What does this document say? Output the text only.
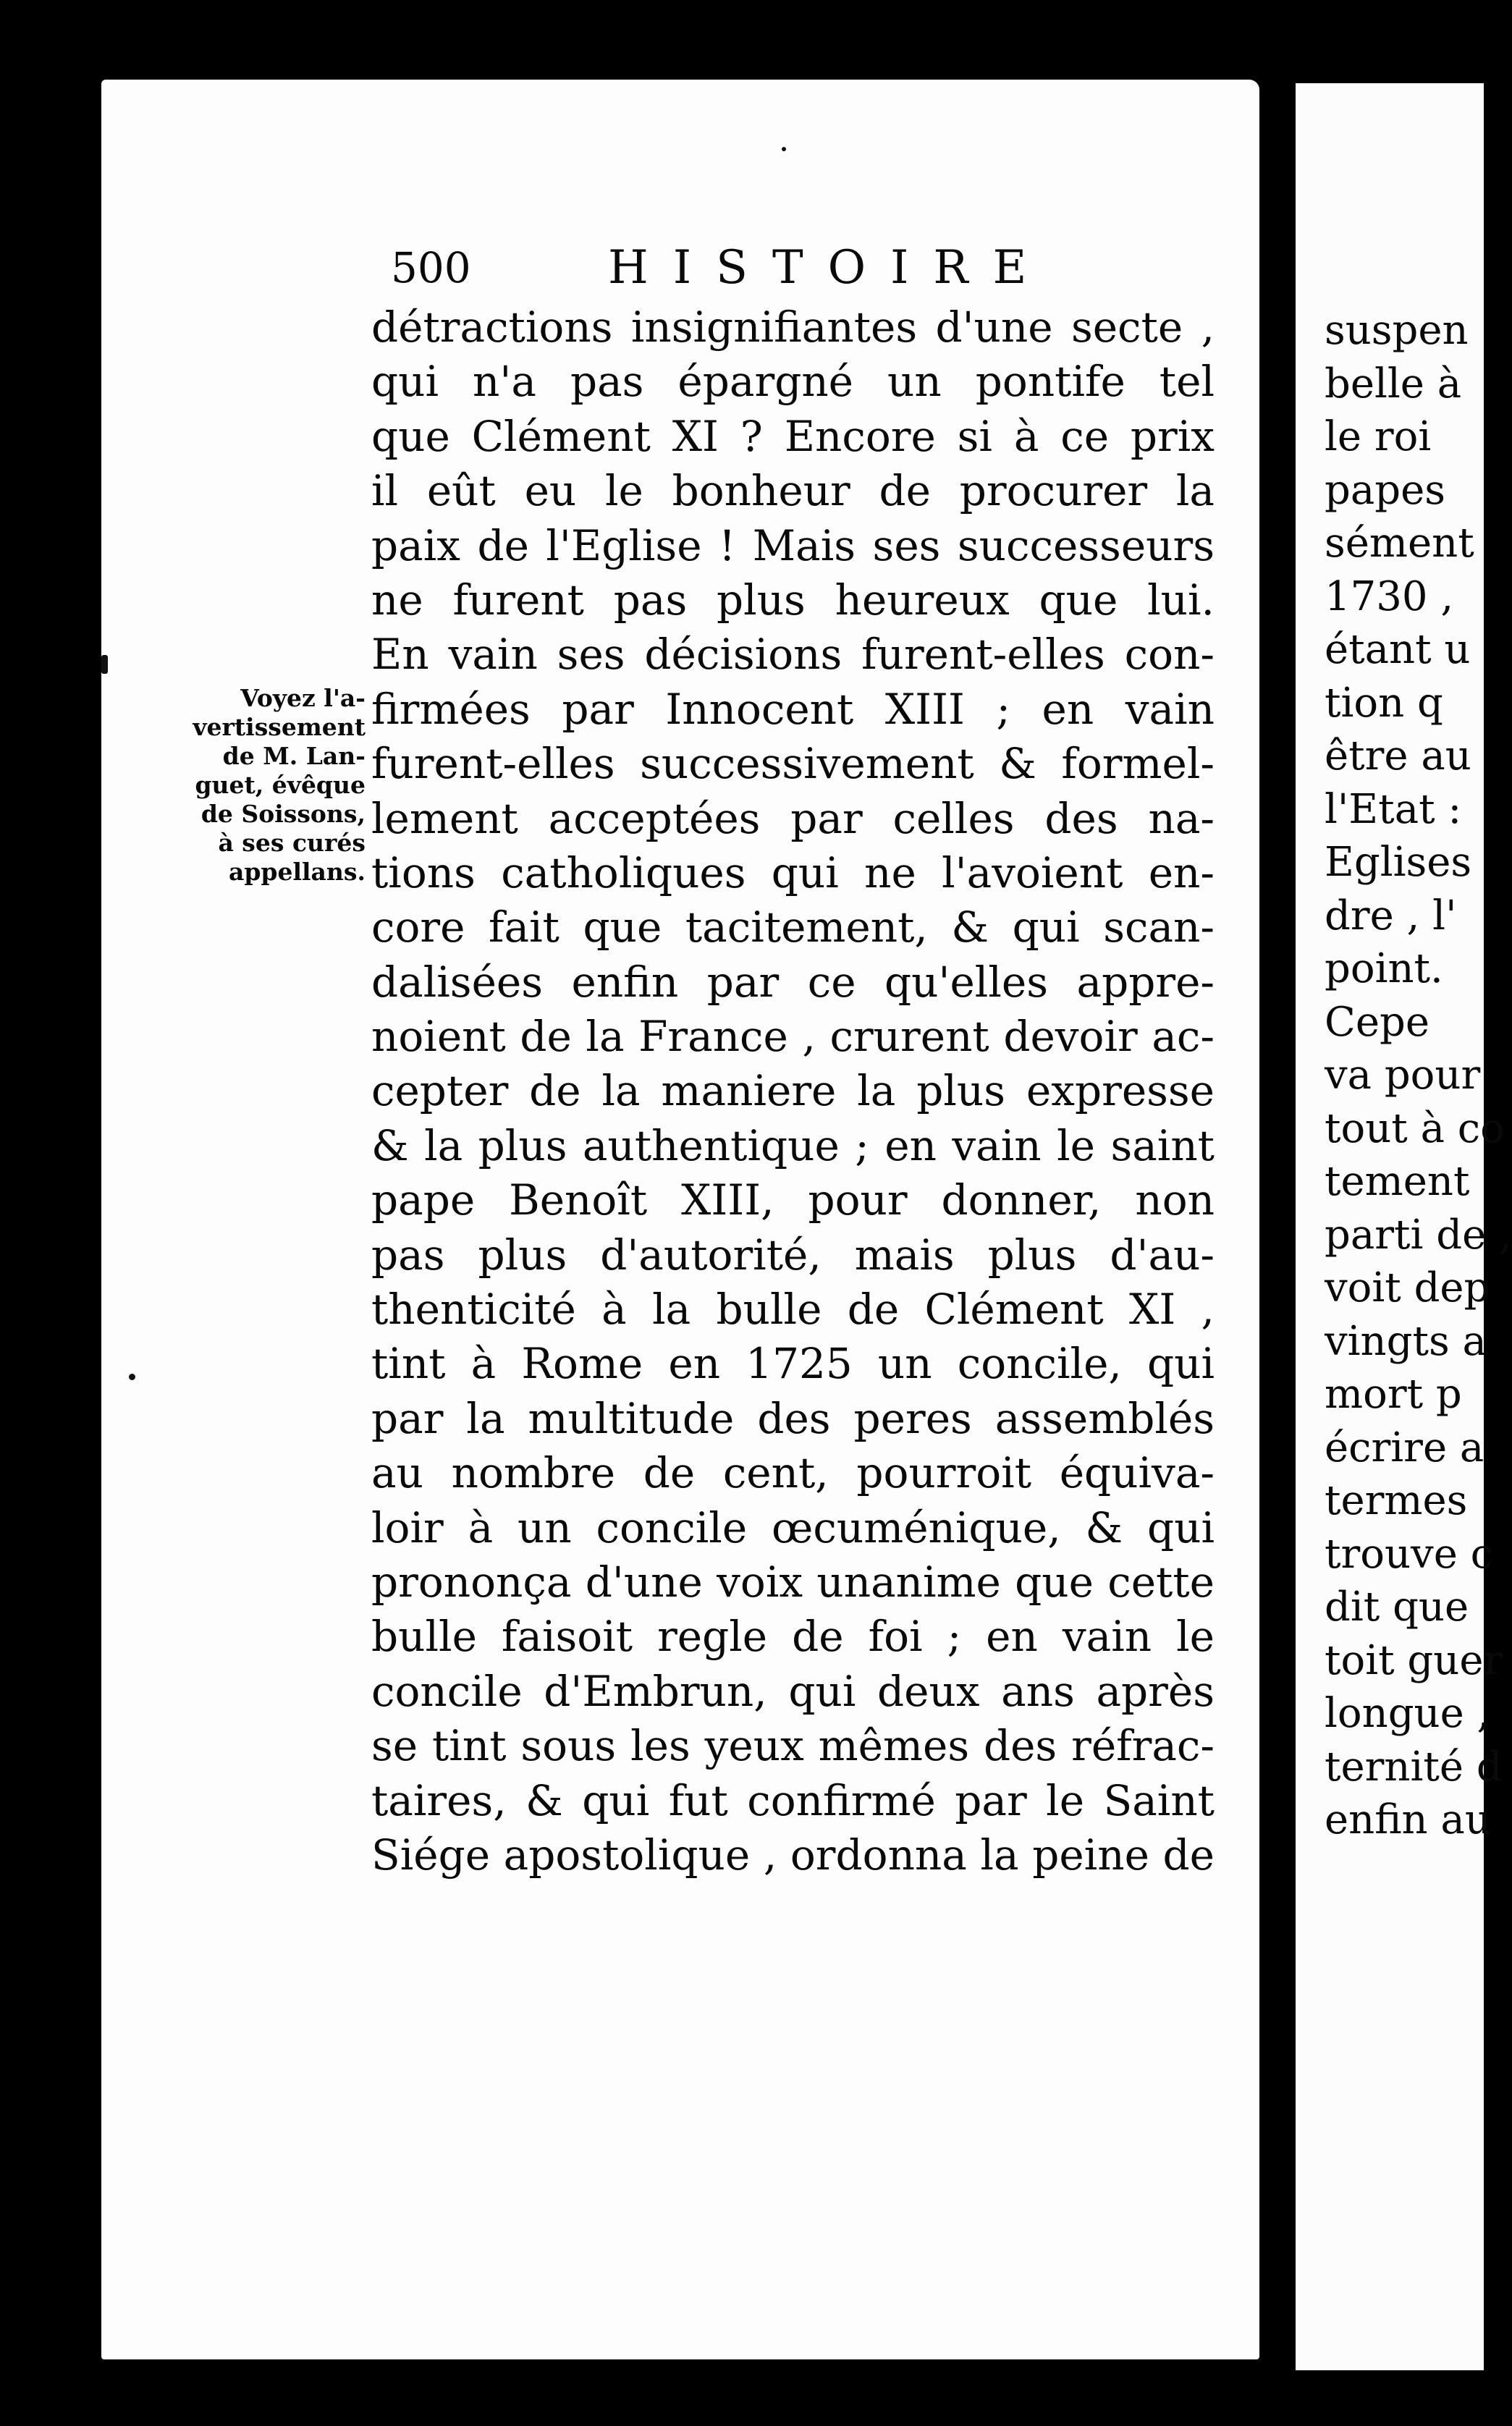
500	HISTOIRE
détractions insignifiantes d'une secte ,
qui n'a pas épargné un pontife tel
que Clément XI ? Encore si à ce prix
il eût eu le bonheur de procurer la
paix de l'Eglise ! Mais ses successeurs
ne furent pas plus heureux que lui.
En vain ses décisions furent-elles con-
firmées par Innocent XIII ; en vain
furent-elles successivement & formel-
lement acceptées par celles des na-
tions catholiques qui ne l'avoient en-
core fait que tacitement, & qui scan-
dalisées enfin par ce qu'elles appre-
noient de la France , crurent devoir ac-
cepter de la maniere la plus expresse
& la plus authentique ; en vain le saint
pape Benoît XIII, pour donner, non
pas plus d'autorité, mais plus d'au-
thenticité à la bulle de Clément XI ,
tint à Rome en 1725 un concile, qui
par la multitude des peres assemblés
au nombre de cent, pourroit équiva-
loir à un concile œcuménique, & qui
prononça d'une voix unanime que cette
bulle faisoit regle de foi ; en vain le
concile d'Embrun, qui deux ans après
se tint sous les yeux mêmes des réfrac-
taires, & qui fut confirmé par le Saint
Siége apostolique , ordonna la peine de
Voyez l'a-
vertissement
de M. Lan-
guet, évêque
de Soissons,
à ses curés
appellans.
suspen
belle à
le roi
papes
sément
1730 ,
étant u
tion q
être au
l'Etat :
Eglises
dre , l'
point.
Cepe
va pour
tout à co
tement
parti de ,
voit dep
vingts a
mort p
écrire a
termes
trouve c
dit que
toit guer
longue ,
ternité d
enfin au
